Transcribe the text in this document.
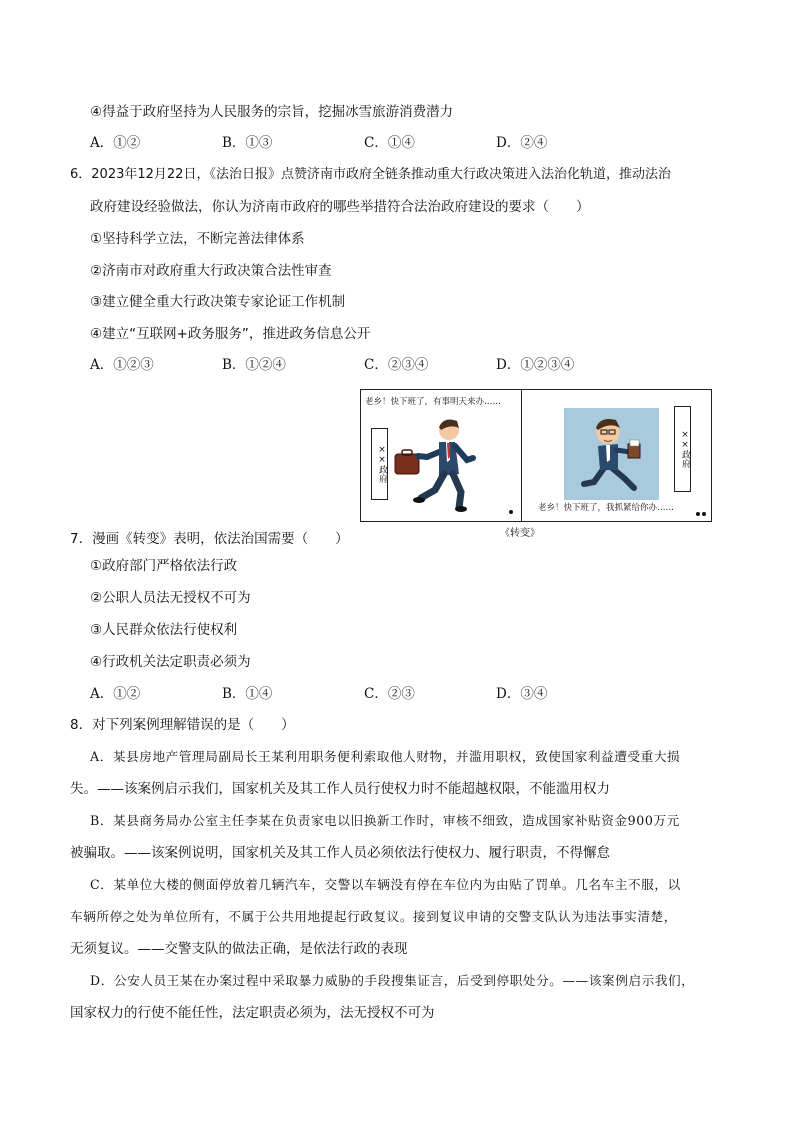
④得益于政府坚持为人民服务的宗旨，挖掘冰雪旅游消费潜力
A．①②	B．①③	C．①④	D．②④
6．2023年12月22日，《法治日报》点赞济南市政府全链条推动重大行政决策进入法治化轨道，推动法治
政府建设经验做法，你认为济南市政府的哪些举措符合法治政府建设的要求（　　）
①坚持科学立法，不断完善法律体系
②济南市对政府重大行政决策合法性审查
③建立健全重大行政决策专家论证工作机制
④建立“互联网+政务服务”，推进政务信息公开
A．①②③	B．①②④	C．②③④	D．①②③④
老乡！快下班了，有事明天来办……
××政府	××政府
老乡！快下班了，我抓紧给你办……
《转变》
7．漫画《转变》表明，依法治国需要（　　）
①政府部门严格依法行政
②公职人员法无授权不可为
③人民群众依法行使权利
④行政机关法定职责必须为
A．①②	B．①④	C．②③	D．③④
8．对下列案例理解错误的是（　　）
A．某县房地产管理局副局长王某利用职务便利索取他人财物，并滥用职权，致使国家利益遭受重大损
失。——该案例启示我们，国家机关及其工作人员行使权力时不能超越权限，不能滥用权力
B．某县商务局办公室主任李某在负责家电以旧换新工作时，审核不细致，造成国家补贴资金900万元
被骗取。——该案例说明，国家机关及其工作人员必须依法行使权力、履行职责，不得懈怠
C．某单位大楼的侧面停放着几辆汽车，交警以车辆没有停在车位内为由贴了罚单。几名车主不服，以
车辆所停之处为单位所有，不属于公共用地提起行政复议。接到复议申请的交警支队认为违法事实清楚，
无须复议。——交警支队的做法正确，是依法行政的表现
D．公安人员王某在办案过程中采取暴力威胁的手段搜集证言，后受到停职处分。——该案例启示我们，
国家权力的行使不能任性，法定职责必须为，法无授权不可为
